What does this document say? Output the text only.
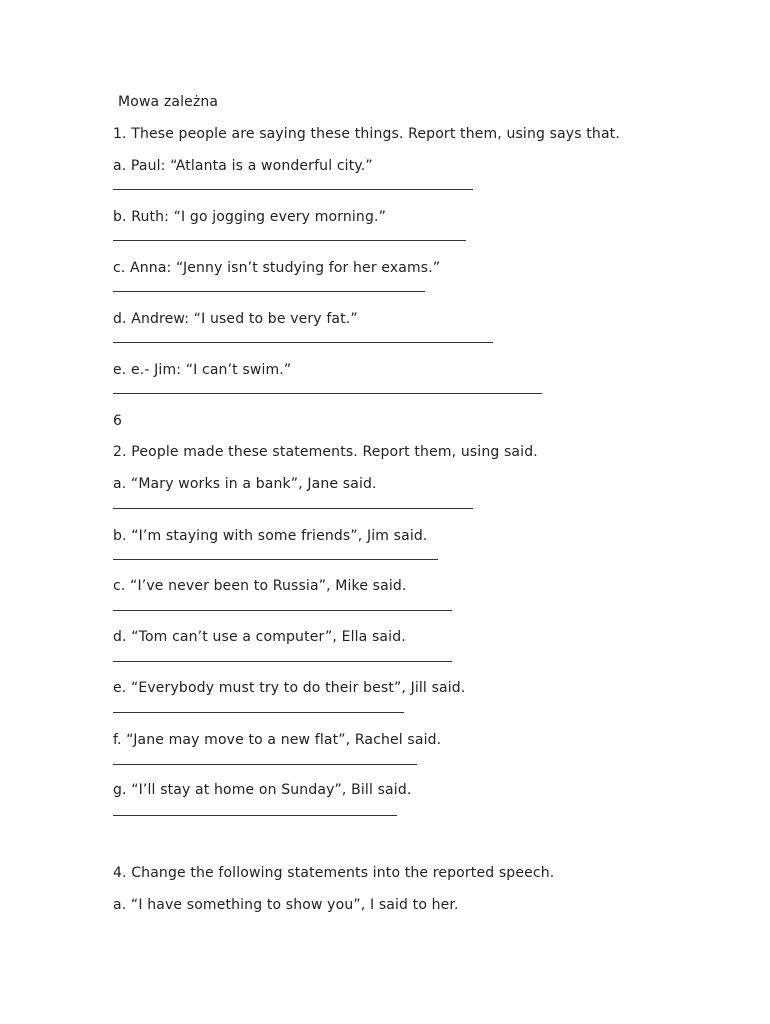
Mowa zależna
1. These people are saying these things. Report them, using says that.
a. Paul: “Atlanta is a wonderful city.”
b. Ruth: “I go jogging every morning.”
c. Anna: “Jenny isn’t studying for her exams.”
d. Andrew: “I used to be very fat.”
e. e.- Jim: “I can’t swim.”
6
2. People made these statements. Report them, using said.
a. “Mary works in a bank”, Jane said.
b. “I’m staying with some friends”, Jim said.
c. “I’ve never been to Russia”, Mike said.
d. “Tom can’t use a computer”, Ella said.
e. “Everybody must try to do their best”, Jill said.
f. “Jane may move to a new flat”, Rachel said.
g. “I’ll stay at home on Sunday”, Bill said.
4. Change the following statements into the reported speech.
a. “I have something to show you”, I said to her.
